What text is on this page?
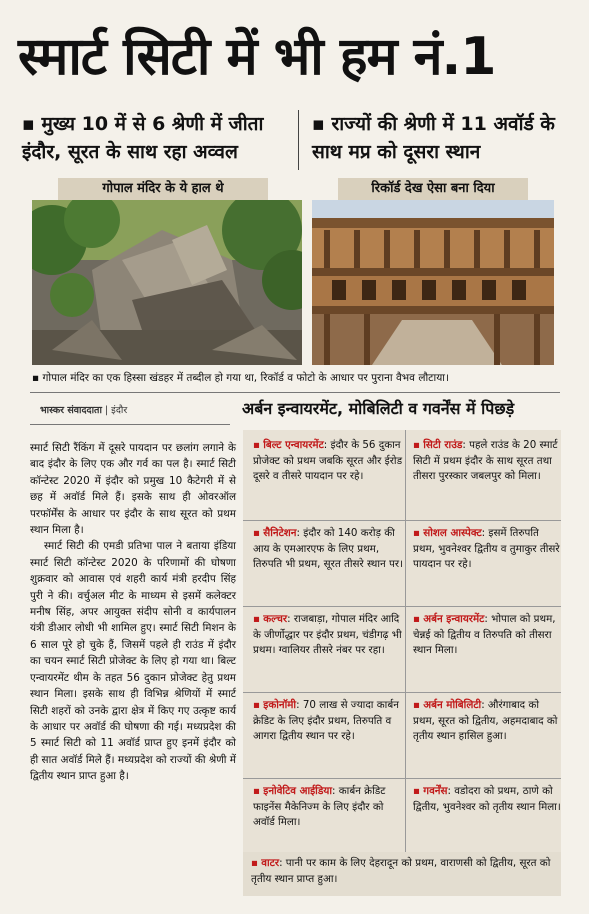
स्मार्ट सिटी में भी हम नं.1
▪ मुख्य 10 में से 6 श्रेणी में जीता इंदौर, सूरत के साथ रहा अव्वल
▪ राज्यों की श्रेणी में 11 अवॉर्ड के साथ मप्र को दूसरा स्थान
गोपाल मंदिर के ये हाल थे	रिकॉर्ड देख ऐसा बना दिया
▪ गोपाल मंदिर का एक हिस्सा खंडहर में तब्दील हो गया था, रिकॉर्ड व फोटो के आधार पर पुराना वैभव लौटाया।
भास्कर संवाददाता | इंदौर	अर्बन इन्वायरमेंट, मोबिलिटी व गवर्नेंस में पिछड़े

स्मार्ट सिटी रैंकिंग में दूसरे पायदान पर छलांग लगाने के बाद इंदौर के लिए एक और गर्व का पल है। स्मार्ट सिटी कॉन्टेस्ट 2020 में इंदौर को प्रमुख 10 कैटेगरी में से छह में अवॉर्ड मिले हैं। इसके साथ ही ओवरऑल परफॉर्मेंस के आधार पर इंदौर के साथ सूरत को प्रथम स्थान मिला है।

स्मार्ट सिटी की एमडी प्रतिभा पाल ने बताया इंडिया स्मार्ट सिटी कॉन्टेस्ट 2020 के परिणामों की घोषणा शुक्रवार को आवास एवं शहरी कार्य मंत्री हरदीप सिंह पुरी ने की। वर्चुअल मीट के माध्यम से इसमें कलेक्टर मनीष सिंह, अपर आयुक्त संदीप सोनी व कार्यपालन यंत्री डीआर लोधी भी शामिल हुए। स्मार्ट सिटी मिशन के 6 साल पूरे हो चुके हैं, जिसमें पहले ही राउंड में इंदौर का चयन स्मार्ट सिटी प्रोजेक्ट के लिए हो गया था। बिल्ट एन्वायरमेंट थीम के तहत 56 दुकान प्रोजेक्ट हेतु प्रथम स्थान मिला। इसके साथ ही विभिन्न श्रेणियों में स्मार्ट सिटी शहरों को उनके द्वारा क्षेत्र में किए गए उत्कृष्ट कार्य के आधार पर अवॉर्ड की घोषणा की गई। मध्यप्रदेश की 5 स्मार्ट सिटी को 11 अवॉर्ड प्राप्त हुए इनमें इंदौर को ही सात अवॉर्ड मिले हैं। मध्यप्रदेश को राज्यों की श्रेणी में द्वितीय स्थान प्राप्त हुआ है।

▪ बिल्ट एन्वायरमेंट: इंदौर के 56 दुकान प्रोजेक्ट को प्रथम जबकि सूरत और ईरोड दूसरे व तीसरे पायदान पर रहे।
▪ सिटी राउंड: पहले राउंड के 20 स्मार्ट सिटी में प्रथम इंदौर के साथ सूरत तथा तीसरा पुरस्कार जबलपुर को मिला।
▪ सैनिटेशन: इंदौर को 140 करोड़ की आय के एमआरएफ के लिए प्रथम, तिरुपति भी प्रथम, सूरत तीसरे स्थान पर।
▪ सोशल आस्पेक्ट: इसमें तिरुपति प्रथम, भुवनेश्वर द्वितीय व तुमाकुर तीसरे पायदान पर रहे।
▪ कल्चर: राजबाड़ा, गोपाल मंदिर आदि के जीर्णोद्धार पर इंदौर प्रथम, चंडीगढ़ भी प्रथम। ग्वालियर तीसरे नंबर पर रहा।
▪ अर्बन इन्वायरमेंट: भोपाल को प्रथम, चेन्नई को द्वितीय व तिरुपति को तीसरा स्थान मिला।
▪ इकोनॉमी: 70 लाख से ज्यादा कार्बन क्रेडिट के लिए इंदौर प्रथम, तिरुपति व आगरा द्वितीय स्थान पर रहे।
▪ अर्बन मोबिलिटी: औरंगाबाद को प्रथम, सूरत को द्वितीय, अहमदाबाद को तृतीय स्थान हासिल हुआ।
▪ इनोवेटिव आईडिया: कार्बन क्रेडिट फाइनेंस मैकेनिज्म के लिए इंदौर को अवॉर्ड मिला।
▪ गवर्नेंस: वडोदरा को प्रथम, ठाणे को द्वितीय, भुवनेश्वर को तृतीय स्थान मिला।
▪ वाटर: पानी पर काम के लिए देहरादून को प्रथम, वाराणसी को द्वितीय, सूरत को तृतीय स्थान प्राप्त हुआ।
